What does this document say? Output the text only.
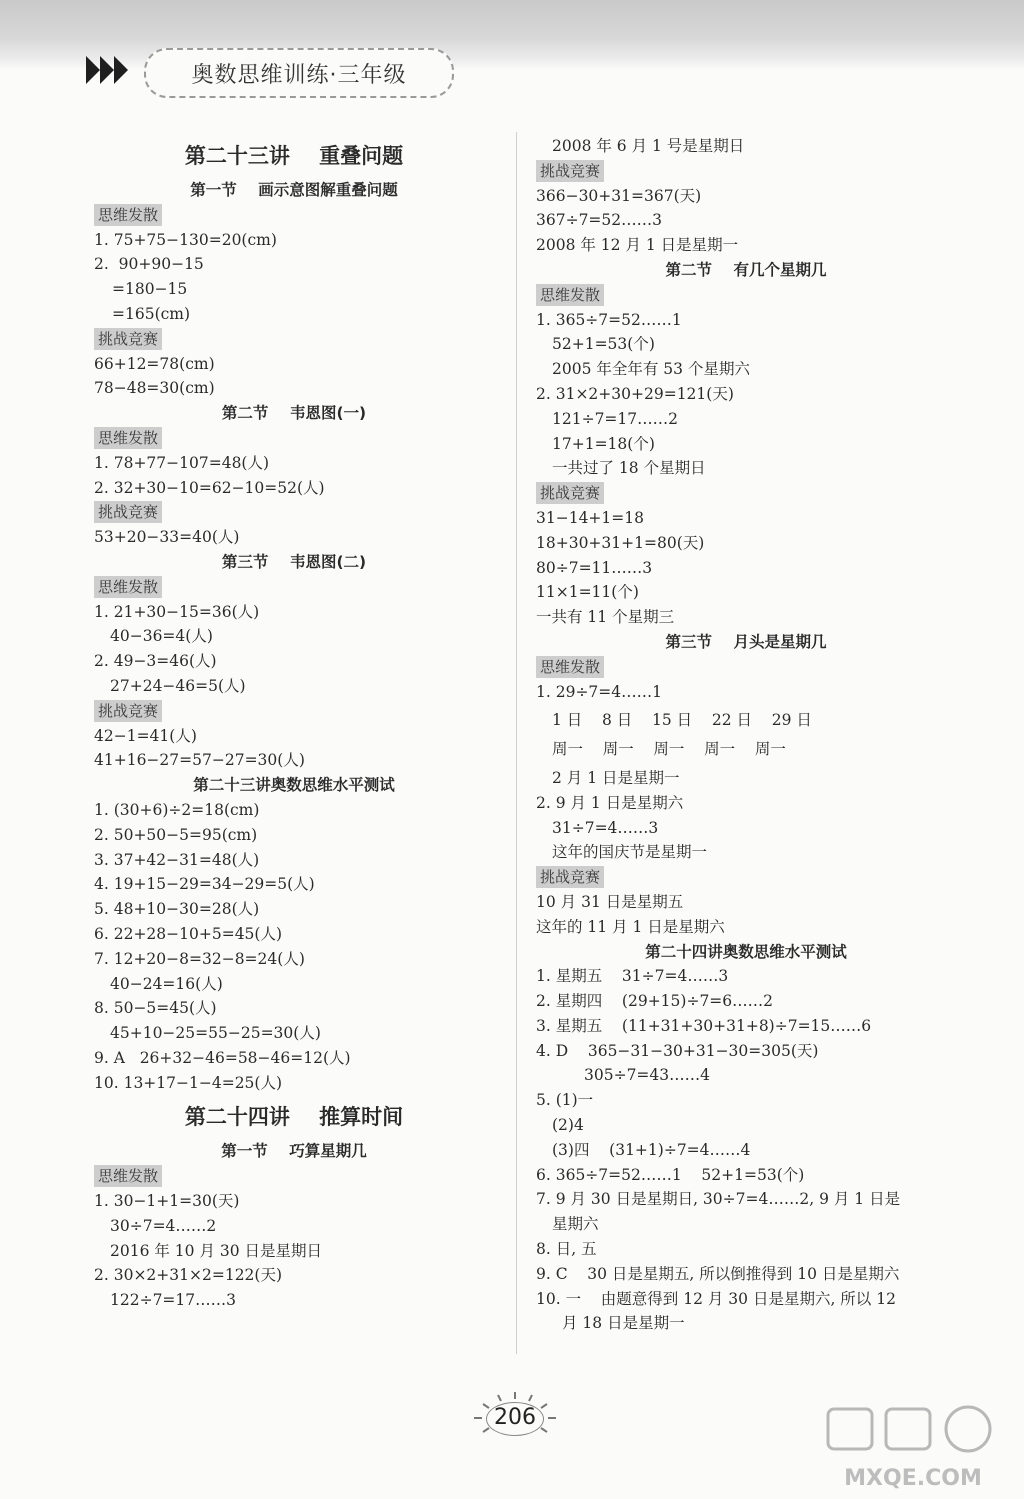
奥数思维训练·三年级
第二十三讲    重叠问题
第一节    画示意图解重叠问题
思维发散
1. 75+75−130=20(cm)
2.  90+90−15
=180−15
=165(cm)
挑战竞赛
66+12=78(cm)
78−48=30(cm)
第二节    韦恩图(一)
思维发散
1. 78+77−107=48(人)
2. 32+30−10=62−10=52(人)
挑战竞赛
53+20−33=40(人)
第三节    韦恩图(二)
思维发散
1. 21+30−15=36(人)
40−36=4(人)
2. 49−3=46(人)
27+24−46=5(人)
挑战竞赛
42−1=41(人)
41+16−27=57−27=30(人)
第二十三讲奥数思维水平测试
1. (30+6)÷2=18(cm)
2. 50+50−5=95(cm)
3. 37+42−31=48(人)
4. 19+15−29=34−29=5(人)
5. 48+10−30=28(人)
6. 22+28−10+5=45(人)
7. 12+20−8=32−8=24(人)
40−24=16(人)
8. 50−5=45(人)
45+10−25=55−25=30(人)
9. A   26+32−46=58−46=12(人)
10. 13+17−1−4=25(人)
第二十四讲    推算时间
第一节    巧算星期几
思维发散
1. 30−1+1=30(天)
30÷7=4……2
2016 年 10 月 30 日是星期日
2. 30×2+31×2=122(天)
122÷7=17……3
2008 年 6 月 1 号是星期日
挑战竞赛
366−30+31=367(天)
367÷7=52……3
2008 年 12 月 1 日是星期一
第二节    有几个星期几
思维发散
1. 365÷7=52……1
52+1=53(个)
2005 年全年有 53 个星期六
2. 31×2+30+29=121(天)
121÷7=17……2
17+1=18(个)
一共过了 18 个星期日
挑战竞赛
31−14+1=18
18+30+31+1=80(天)
80÷7=11……3
11×1=11(个)
一共有 11 个星期三
第三节    月头是星期几
思维发散
1. 29÷7=4……1
1 日    8 日    15 日    22 日    29 日
周一    周一    周一    周一    周一
2 月 1 日是星期一
2. 9 月 1 日是星期六
31÷7=4……3
这年的国庆节是星期一
挑战竞赛
10 月 31 日是星期五
这年的 11 月 1 日是星期六
第二十四讲奥数思维水平测试
1. 星期五    31÷7=4……3
2. 星期四    (29+15)÷7=6……2
3. 星期五    (11+31+30+31+8)÷7=15……6
4. D    365−31−30+31−30=305(天)
305÷7=43……4
5. (1)一
(2)4
(3)四    (31+1)÷7=4……4
6. 365÷7=52……1    52+1=53(个)
7. 9 月 30 日是星期日, 30÷7=4……2, 9 月 1 日是
星期六
8. 日, 五
9. C    30 日是星期五, 所以倒推得到 10 日是星期六
10. 一    由题意得到 12 月 30 日是星期六, 所以 12
月 18 日是星期一
206
MXQE.COM
